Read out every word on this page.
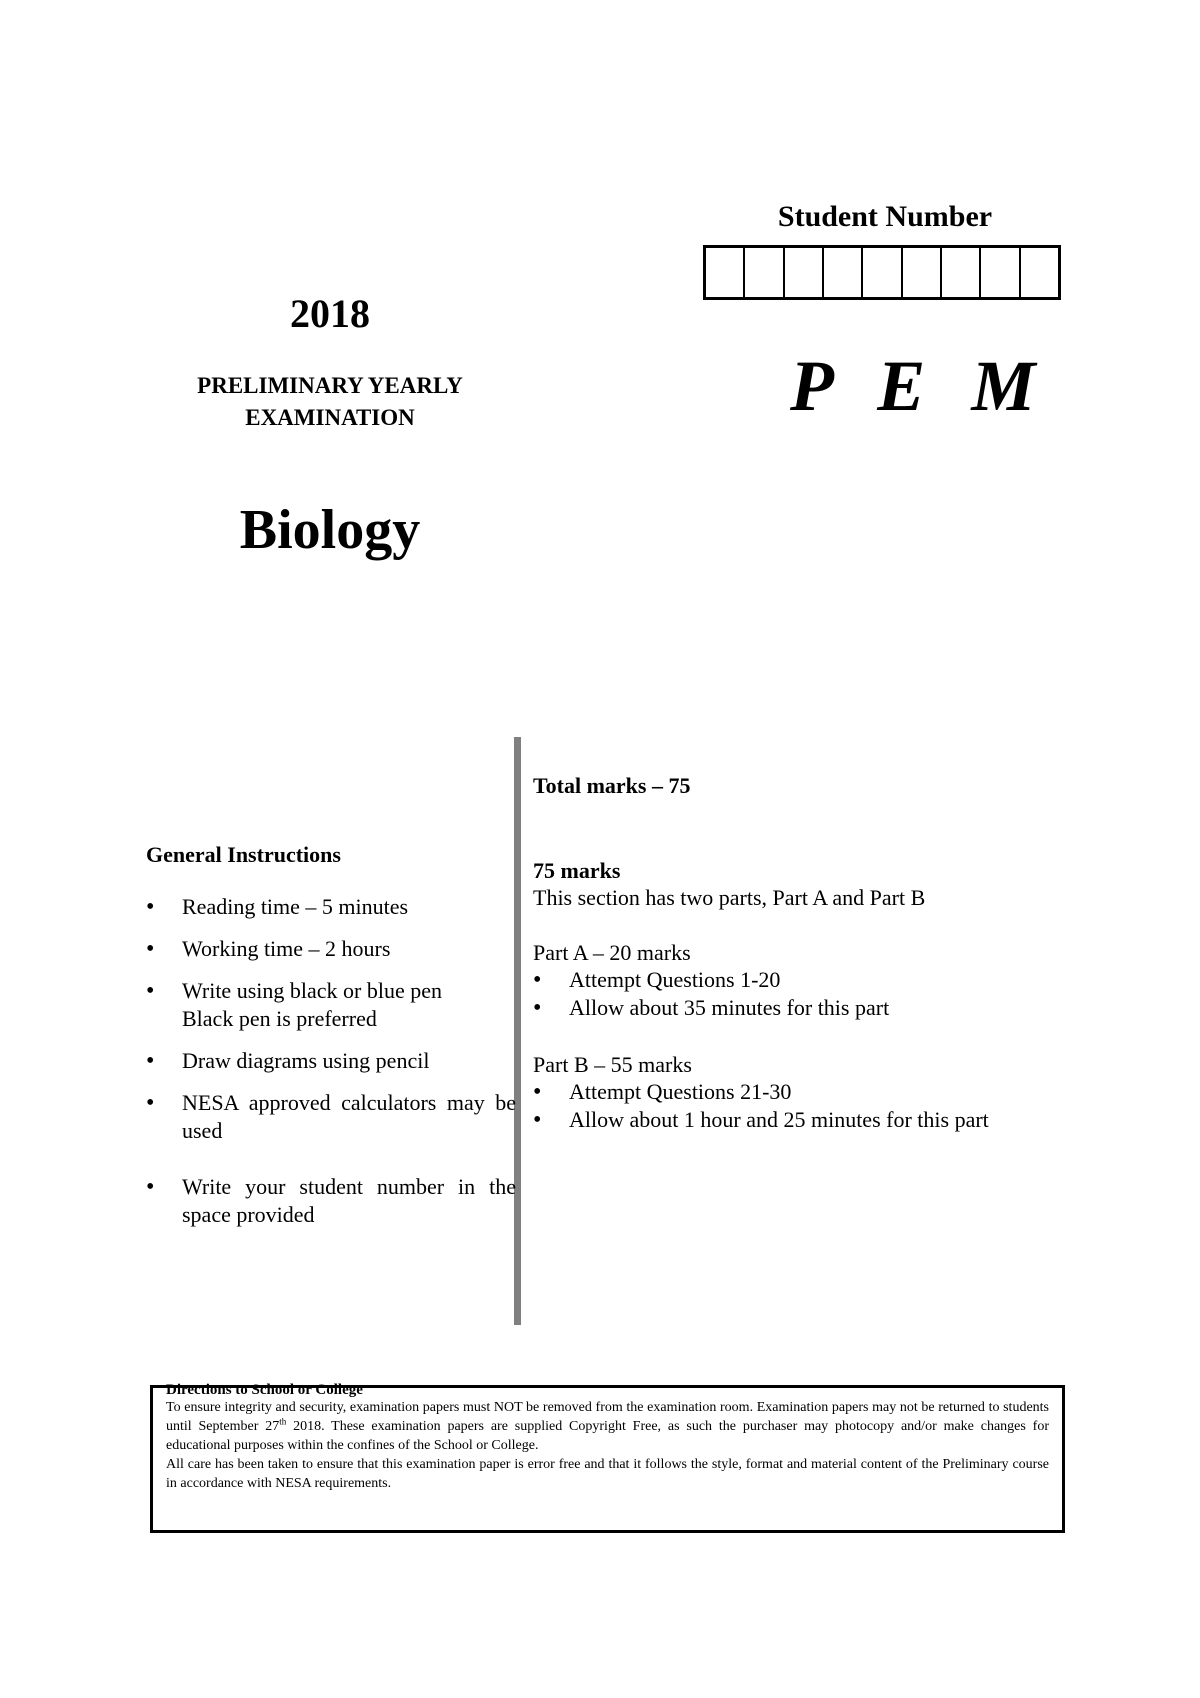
Student Number
P E M
2018
PRELIMINARY YEARLY
EXAMINATION
Biology
General Instructions
• Reading time – 5 minutes
• Working time – 2 hours
• Write using black or blue pen
Black pen is preferred
• Draw diagrams using pencil
• NESA approved calculators may be used
• Write your student number in the space provided
Total marks – 75
75 marks
This section has two parts, Part A and Part B
Part A – 20 marks
• Attempt Questions 1-20
• Allow about 35 minutes for this part
Part B – 55 marks
• Attempt Questions 21-30
• Allow about 1 hour and 25 minutes for this part
Directions to School or College

To ensure integrity and security, examination papers must NOT be removed from the examination room. Examination papers may not be returned to students until September 27th 2018. These examination papers are supplied Copyright Free, as such the purchaser may photocopy and/or make changes for educational purposes within the confines of the School or College.

All care has been taken to ensure that this examination paper is error free and that it follows the style, format and material content of the Preliminary course in accordance with NESA requirements.
